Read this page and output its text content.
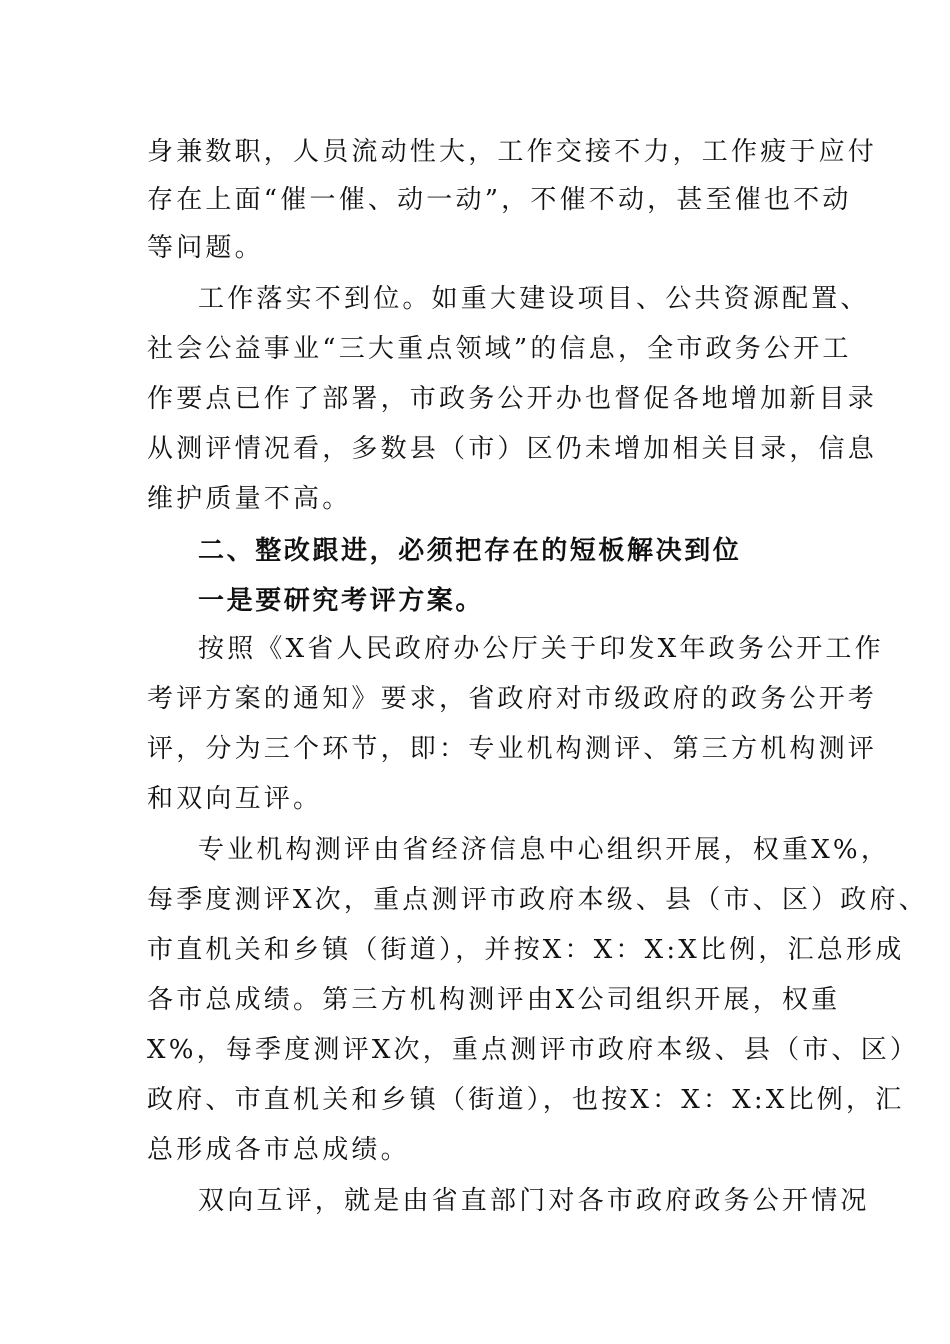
身兼数职，人员流动性大，工作交接不力，工作疲于应付
存在上面“催一催、动一动”，不催不动，甚至催也不动
等问题。
工作落实不到位。如重大建设项目、公共资源配置、
社会公益事业“三大重点领域”的信息，全市政务公开工
作要点已作了部署，市政务公开办也督促各地增加新目录
从测评情况看，多数县（市）区仍未增加相关目录，信息
维护质量不高。
二、整改跟进，必须把存在的短板解决到位
一是要研究考评方案。
按照《X省人民政府办公厅关于印发X年政务公开工作
考评方案的通知》要求，省政府对市级政府的政务公开考
评，分为三个环节，即：专业机构测评、第三方机构测评
和双向互评。
专业机构测评由省经济信息中心组织开展，权重X%，
每季度测评X次，重点测评市政府本级、县（市、区）政府、
市直机关和乡镇（街道），并按X：X：X:X比例，汇总形成
各市总成绩。第三方机构测评由X公司组织开展，权重
X%，每季度测评X次，重点测评市政府本级、县（市、区）
政府、市直机关和乡镇（街道），也按X：X：X:X比例，汇
总形成各市总成绩。
双向互评，就是由省直部门对各市政府政务公开情况
